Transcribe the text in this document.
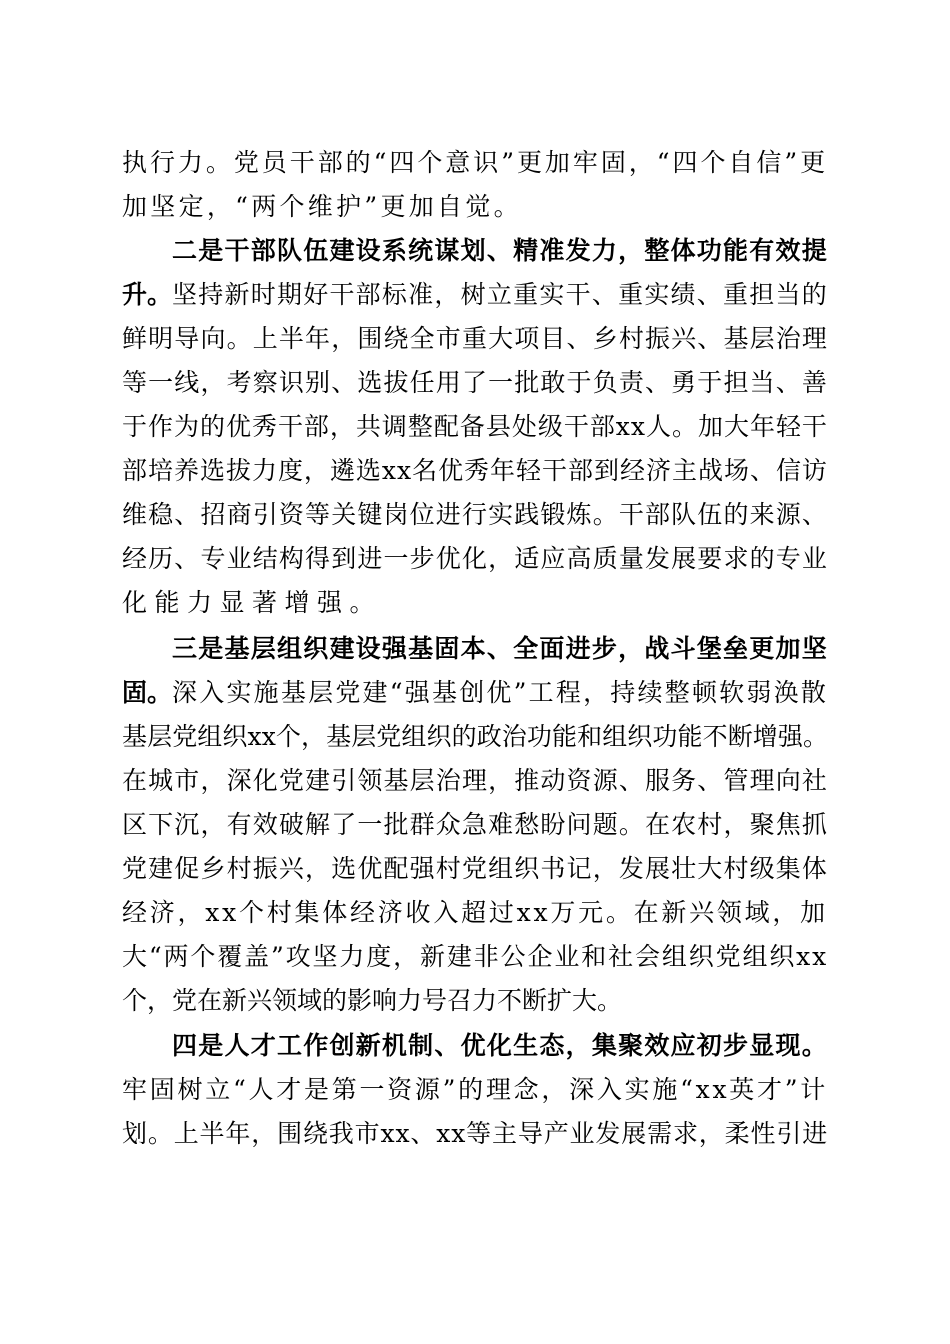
执行力。党员干部的“四个意识”更加牢固，“四个自信”更
加坚定，“两个维护”更加自觉。
二是干部队伍建设系统谋划、精准发力，整体功能有效提
升。 坚持新时期好干部标准，树立重实干、重实绩、重担当的
鲜明导向。上半年，围绕全市重大项目、乡村振兴、基层治理
等一线，考察识别、选拔任用了一批敢于负责、勇于担当、善
于作为的优秀干部，共调整配备县处级干部xx人。加大年轻干
部培养选拔力度，遴选xx名优秀年轻干部到经济主战场、信访
维稳、招商引资等关键岗位进行实践锻炼。干部队伍的来源、
经历、专业结构得到进一步优化，适应高质量发展要求的专业
化能力显著增强。
三是基层组织建设强基固本、全面进步，战斗堡垒更加坚
固。 深入实施基层党建“强基创优”工程，持续整顿软弱涣散
基层党组织xx个，基层党组织的政治功能和组织功能不断增强。
在城市，深化党建引领基层治理，推动资源、服务、管理向社
区下沉，有效破解了一批群众急难愁盼问题。在农村，聚焦抓
党建促乡村振兴，选优配强村党组织书记，发展壮大村级集体
经济，xx个村集体经济收入超过xx万元。在新兴领域，加
大“两个覆盖”攻坚力度，新建非公企业和社会组织党组织xx
个，党在新兴领域的影响力号召力不断扩大。
四是人才工作创新机制、优化生态，集聚效应初步显现。
牢固树立“人才是第一资源”的理念，深入实施“xx英才”计
划。上半年，围绕我市xx、xx等主导产业发展需求，柔性引进
